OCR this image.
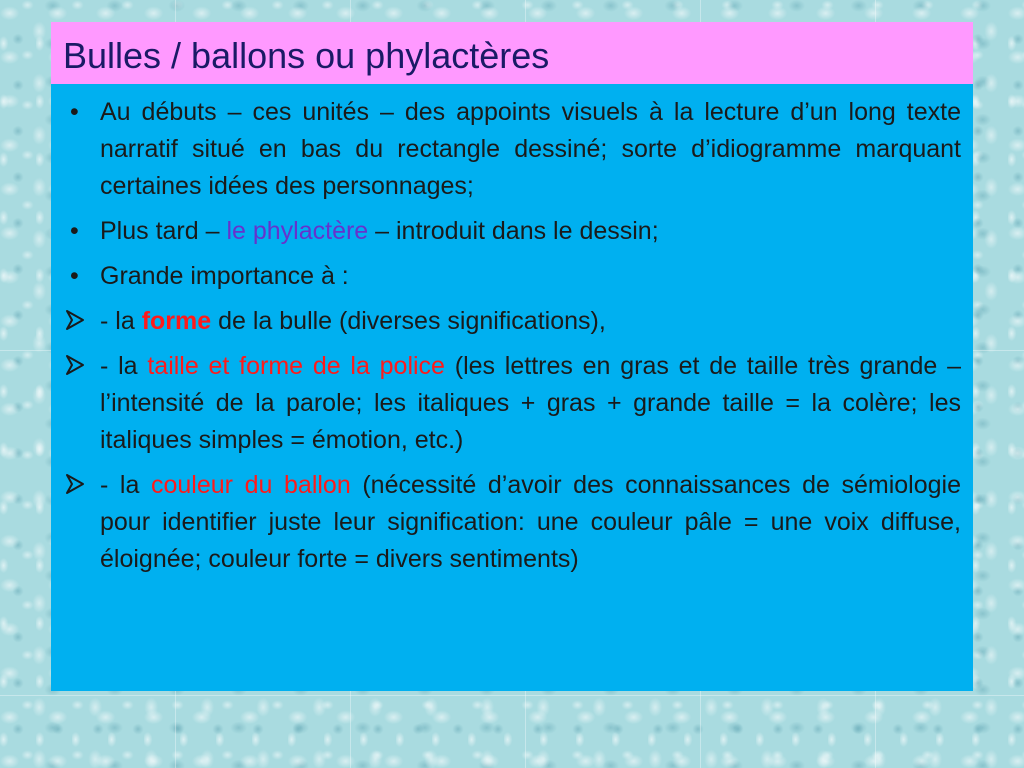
Bulles / ballons ou phylactères
• Au débuts – ces unités – des appoints visuels à la lecture d’un long texte narratif situé en bas du rectangle dessiné; sorte d’idiogramme marquant certaines idées des personnages;
• Plus tard – le phylactère – introduit dans le dessin;
• Grande importance à :
- la forme de la bulle (diverses significations),
- la taille et forme de la police (les lettres en gras et de taille très grande – l’intensité de la parole; les italiques + gras + grande taille = la colère; les italiques simples = émotion, etc.)
- la couleur du ballon (nécessité d’avoir des connaissances de sémiologie pour identifier juste leur signification: une couleur pâle = une voix diffuse, éloignée; couleur forte = divers sentiments)
